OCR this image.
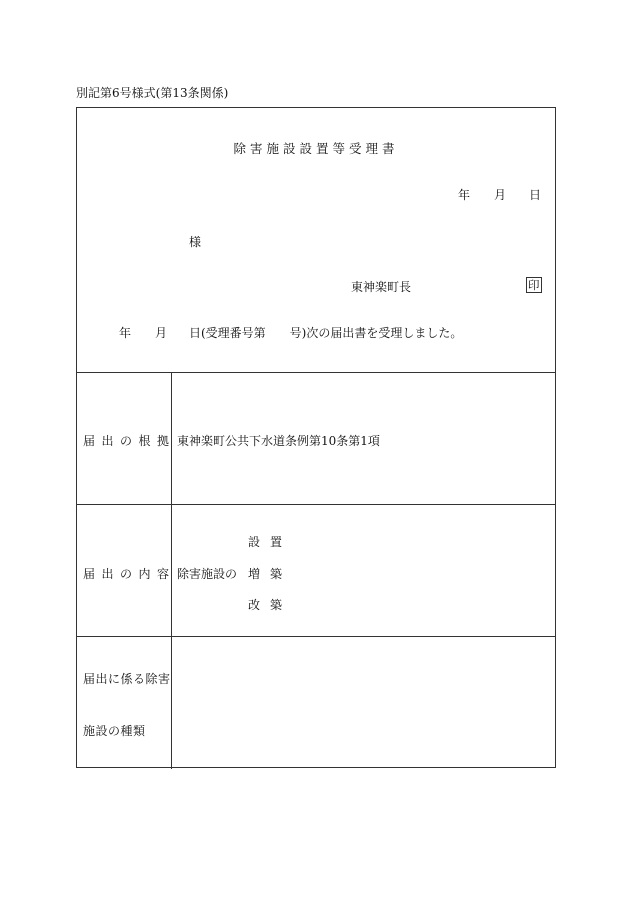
別記第6号様式(第13条関係)
除害施設設置等受理書
年 月 日
様
東神楽町長	印
年 月 日(受理番号第　　号)次の届出書を受理しました。
届出の根拠 東神楽町公共下水道条例第10条第1項
届出の内容 除害施設の
設置
増築
改築
届出に係る除害
施設の種類
